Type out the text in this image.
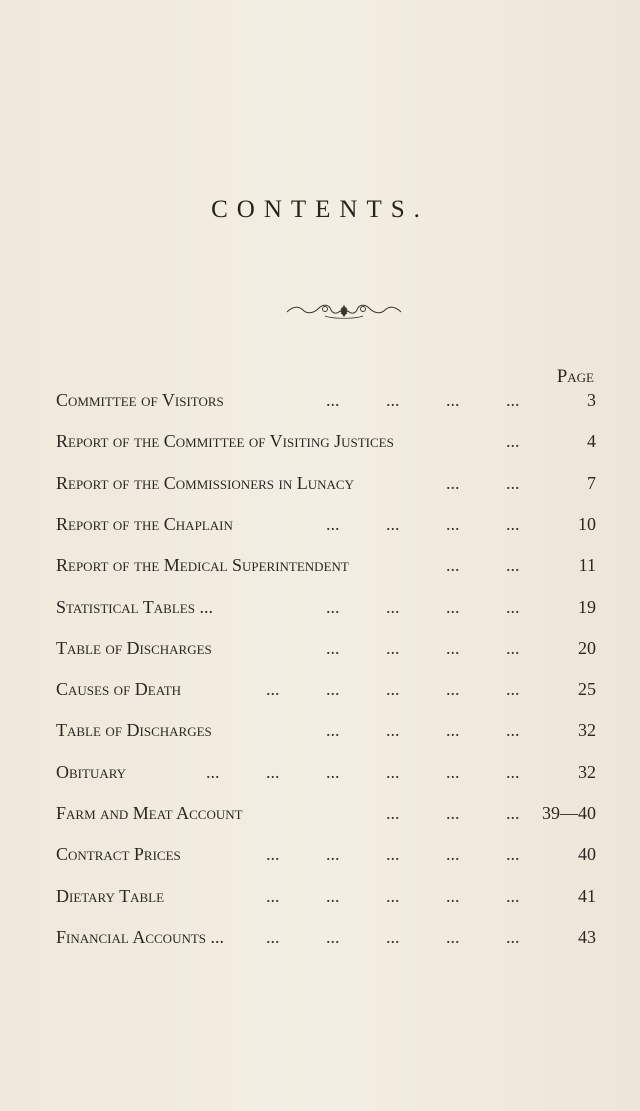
CONTENTS.
Page
Committee of Visitors	...	...	...	...	3
Report of the Committee of Visiting Justices	...	4
Report of the Commissioners in Lunacy	...	...	7
Report of the Chaplain	...	...	...	...	10
Report of the Medical Superintendent	...	...	11
Statistical Tables ...	...	...	...	...	19
Table of Discharges	...	...	...	...	20
Causes of Death	...	...	...	...	...	25
Table of Discharges	...	...	...	...	32
Obituary	...	...	...	...	...	...	32
Farm and Meat Account	...	...	... 39—40
Contract Prices	...	...	...	...	...	40
Dietary Table	...	...	...	...	...	41
Financial Accounts ... ...	...	...	...	...	43
